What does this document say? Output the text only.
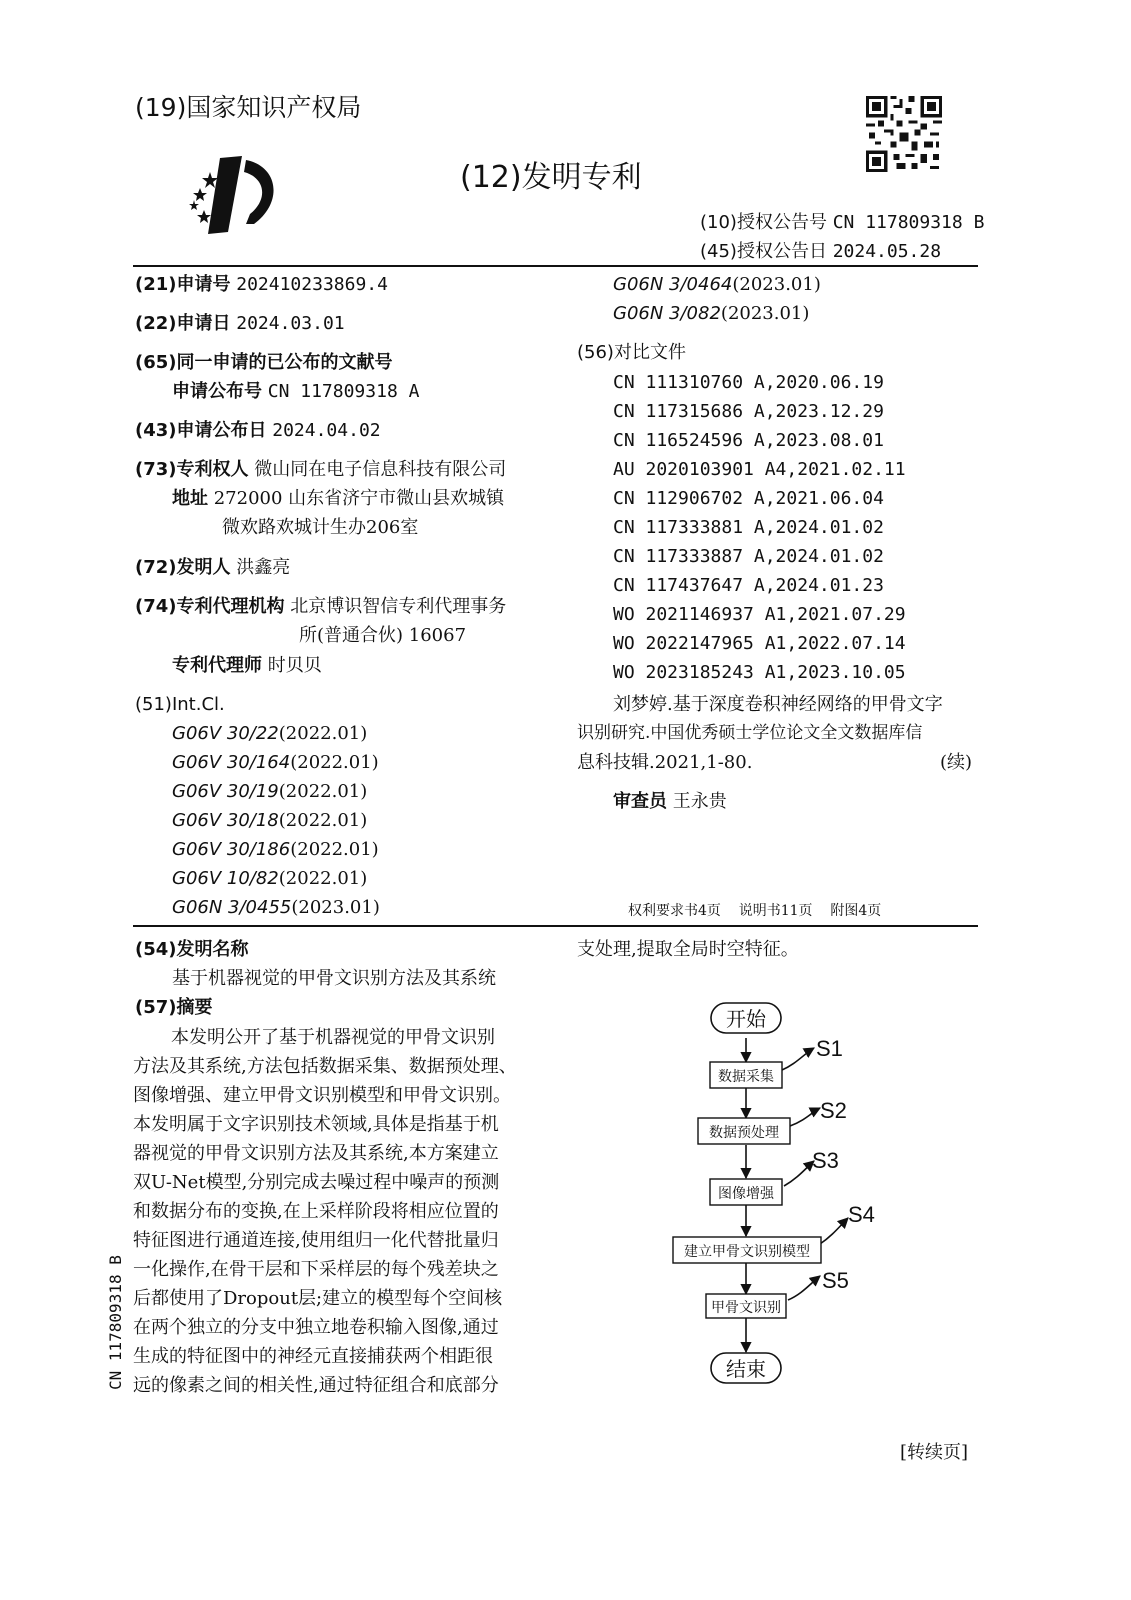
(19)国家知识产权局
(12)发明专利
(10)授权公告号 CN 117809318 B
(45)授权公告日 2024.05.28
(21)申请号 202410233869.4
(22)申请日 2024.03.01
(65)同一申请的已公布的文献号
申请公布号 CN 117809318 A
(43)申请公布日 2024.04.02
(73)专利权人 微山同在电子信息科技有限公司
地址 272000 山东省济宁市微山县欢城镇
微欢路欢城计生办206室
(72)发明人 洪鑫亮
(74)专利代理机构 北京博识智信专利代理事务
所(普通合伙) 16067
专利代理师 时贝贝
(51)Int.Cl.
G06V 30/22(2022.01)
G06V 30/164(2022.01)
G06V 30/19(2022.01)
G06V 30/18(2022.01)
G06V 30/186(2022.01)
G06V 10/82(2022.01)
G06N 3/0455(2023.01)
G06N 3/0464(2023.01)
G06N 3/082(2023.01)
(56)对比文件
CN 111310760 A,2020.06.19
CN 117315686 A,2023.12.29
CN 116524596 A,2023.08.01
AU 2020103901 A4,2021.02.11
CN 112906702 A,2021.06.04
CN 117333881 A,2024.01.02
CN 117333887 A,2024.01.02
CN 117437647 A,2024.01.23
WO 2021146937 A1,2021.07.29
WO 2022147965 A1,2022.07.14
WO 2023185243 A1,2023.10.05
刘梦婷.基于深度卷积神经网络的甲骨文字
识别研究.中国优秀硕士学位论文全文数据库信
息科技辑.2021,1-80.	(续)
审查员 王永贵
权利要求书4页    说明书11页    附图4页
(54)发明名称
基于机器视觉的甲骨文识别方法及其系统
(57)摘要
本发明公开了基于机器视觉的甲骨文识别
方法及其系统,方法包括数据采集、数据预处理、
图像增强、建立甲骨文识别模型和甲骨文识别。
本发明属于文字识别技术领域,具体是指基于机
器视觉的甲骨文识别方法及其系统,本方案建立
双U-Net模型,分别完成去噪过程中噪声的预测
和数据分布的变换,在上采样阶段将相应位置的
特征图进行通道连接,使用组归一化代替批量归
一化操作,在骨干层和下采样层的每个残差块之
后都使用了Dropout层;建立的模型每个空间核
在两个独立的分支中独立地卷积输入图像,通过
生成的特征图中的神经元直接捕获两个相距很
远的像素之间的相关性,通过特征组合和底部分
支处理,提取全局时空特征。
CN 117809318 B
开始
结束
数据采集
数据预处理
图像增强
建立甲骨文识别模型
甲骨文识别
S1
S2
S3
S4
S5
[转续页]
